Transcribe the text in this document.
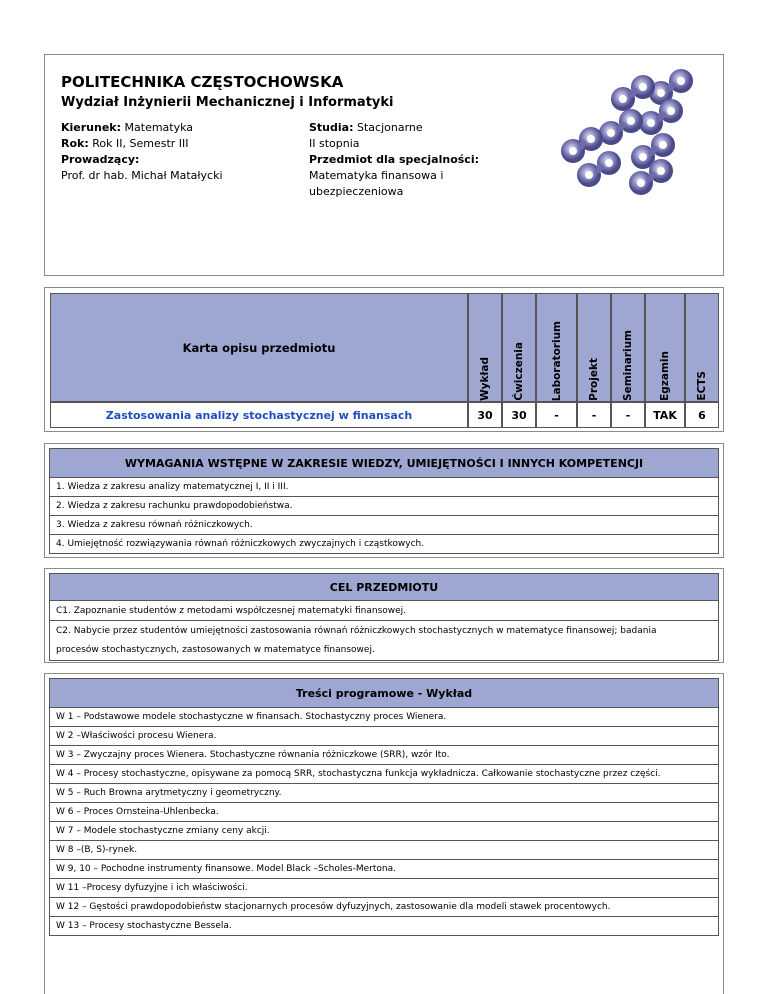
POLITECHNIKA CZĘSTOCHOWSKA
Wydział Inżynierii Mechanicznej i Informatyki
Kierunek: Matematyka
Rok: Rok II, Semestr III
Prowadzący:
Prof. dr hab. Michał Matałycki
Studia: Stacjonarne
II stopnia
Przedmiot dla specjalności:
Matematyka finansowa i
ubezpieczeniowa
Karta opisu przedmiotu
Zastosowania analizy stochastycznej w finansach
Wykład
30
Ćwiczenia
30
Laboratorium
-
Projekt
-
Seminarium
-
Egzamin
TAK
ECTS
6
WYMAGANIA WSTĘPNE W ZAKRESIE WIEDZY, UMIEJĘTNOŚCI I INNYCH KOMPETENCJI
1. Wiedza z zakresu analizy matematycznej I, II i III.
2. Wiedza z zakresu rachunku prawdopodobieństwa.
3. Wiedza z zakresu równań różniczkowych.
4. Umiejętność rozwiązywania równań różniczkowych zwyczajnych i cząstkowych.
CEL PRZEDMIOTU
C1. Zapoznanie studentów z metodami współczesnej matematyki finansowej.
C2. Nabycie przez studentów umiejętności zastosowania równań różniczkowych stochastycznych w matematyce finansowej; badania
procesów stochastycznych, zastosowanych w matematyce finansowej.
Treści programowe - Wykład
W 1 – Podstawowe modele stochastyczne w finansach. Stochastyczny proces Wienera.
W 2 –Właściwości procesu Wienera.
W 3 – Zwyczajny proces Wienera. Stochastyczne równania różniczkowe (SRR), wzór Ito.
W 4 – Procesy stochastyczne, opisywane za pomocą SRR, stochastyczna funkcja wykładnicza. Całkowanie stochastyczne przez części.
W 5 – Ruch Browna arytmetyczny i geometryczny.
W 6 – Proces Ornsteina-Uhlenbecka.
W 7 – Modele stochastyczne zmiany ceny akcji.
W 8 –(B, S)-rynek.
W 9, 10 – Pochodne instrumenty finansowe. Model Black –Scholes-Mertona.
W 11 –Procesy dyfuzyjne i ich właściwości.
W 12 – Gęstości prawdopodobieństw stacjonarnych procesów dyfuzyjnych, zastosowanie dla modeli stawek procentowych.
W 13 – Procesy stochastyczne Bessela.
